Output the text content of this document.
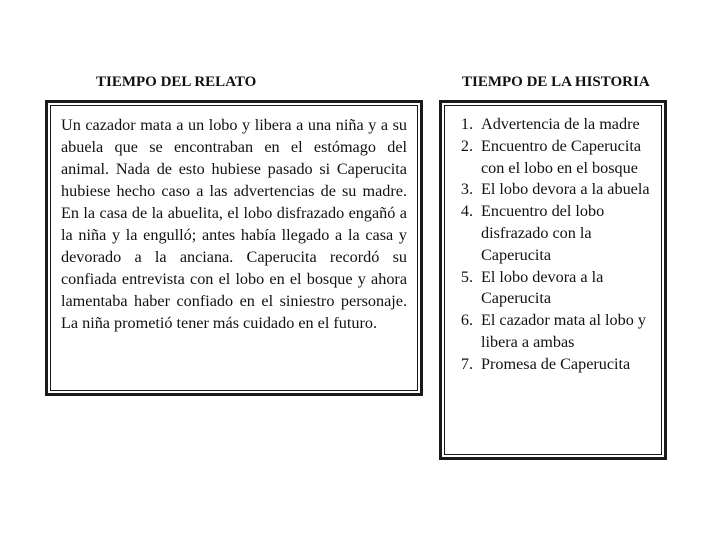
TIEMPO DEL RELATO	TIEMPO DE LA HISTORIA

Un cazador mata a un lobo y libera a una niña y a su abuela que se encontraban en el estómago del animal. Nada de esto hubiese pasado si Caperucita hubiese hecho caso a las advertencias de su madre. En la casa de la abuelita, el lobo disfrazado engañó a la niña y la engulló; antes había llegado a la casa y devorado a la anciana. Caperucita recordó su confiada entrevista con el lobo en el bosque y ahora lamentaba haber confiado en el siniestro personaje. La niña prometió tener más cuidado en el futuro.

1. Advertencia de la madre
2. Encuentro de Caperucita con el lobo en el bosque
3. El lobo devora a la abuela
4. Encuentro del lobo disfrazado con la Caperucita
5. El lobo devora a la Caperucita
6. El cazador mata al lobo y libera a ambas
7. Promesa de Caperucita
